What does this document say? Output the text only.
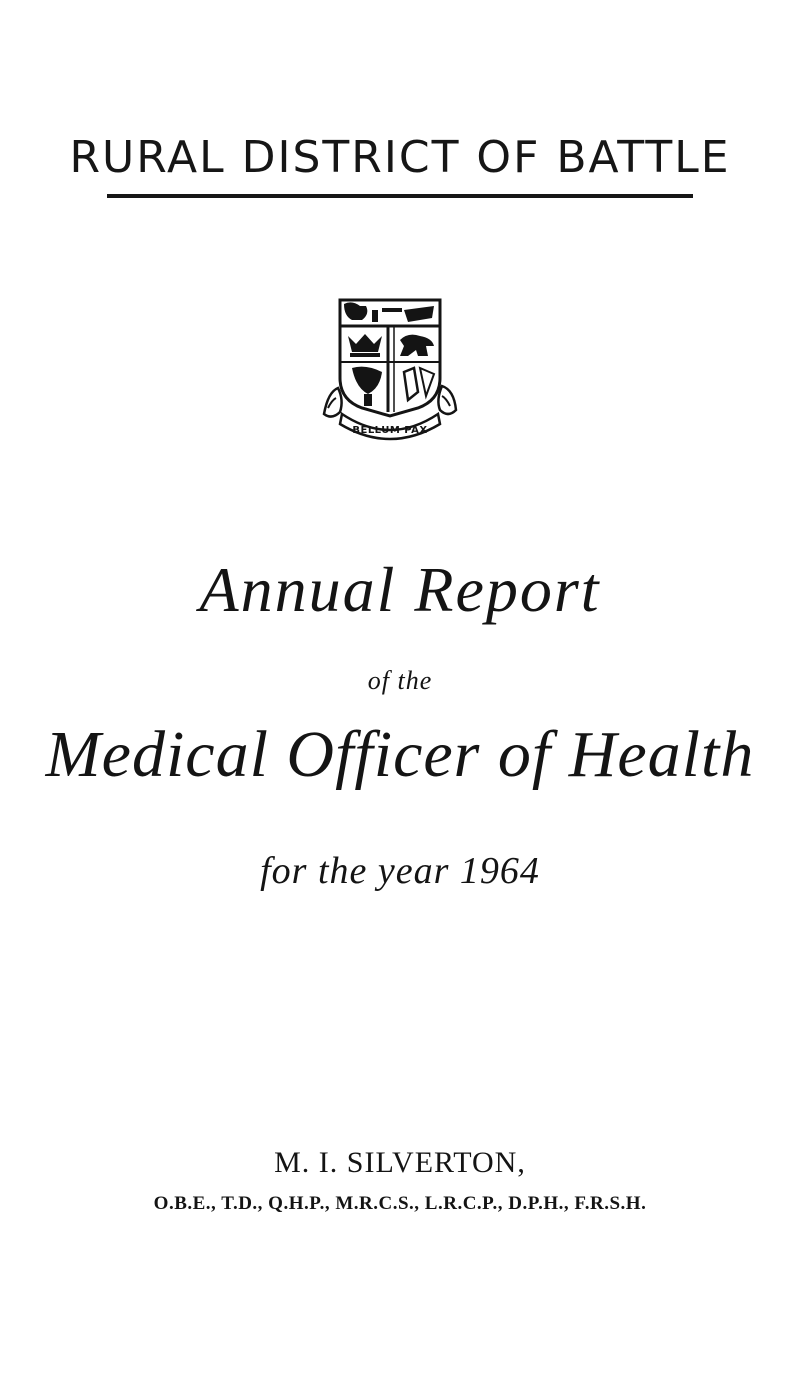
RURAL DISTRICT OF BATTLE
BELLUM PAX
Annual Report
of the
Medical Officer of Health
for the year 1964
M. I. SILVERTON,
O.B.E., T.D., Q.H.P., M.R.C.S., L.R.C.P., D.P.H., F.R.S.H.
